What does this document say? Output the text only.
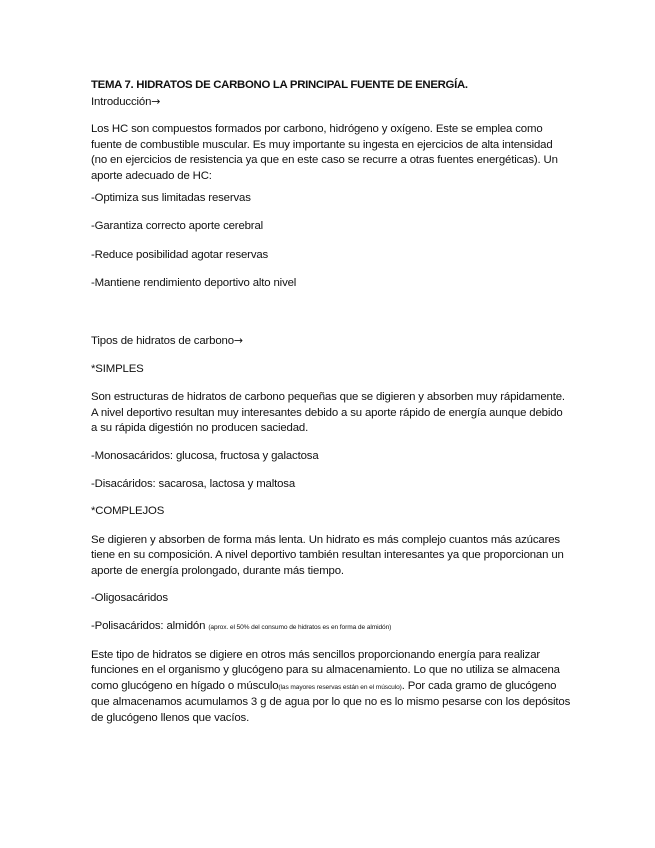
TEMA 7. HIDRATOS DE CARBONO LA PRINCIPAL FUENTE DE ENERGÍA.

Introducción→

Los HC son compuestos formados por carbono, hidrógeno y oxígeno. Este se emplea como fuente de combustible muscular. Es muy importante su ingesta en ejercicios de alta intensidad (no en ejercicios de resistencia ya que en este caso se recurre a otras fuentes energéticas). Un aporte adecuado de HC:

-Optimiza sus limitadas reservas

-Garantiza correcto aporte cerebral

-Reduce posibilidad agotar reservas

-Mantiene rendimiento deportivo alto nivel

Tipos de hidratos de carbono→

*SIMPLES

Son estructuras de hidratos de carbono pequeñas que se digieren y absorben muy rápidamente. A nivel deportivo resultan muy interesantes debido a su aporte rápido de energía aunque debido a su rápida digestión no producen saciedad.

-Monosacáridos: glucosa, fructosa y galactosa

-Disacáridos: sacarosa, lactosa y maltosa

*COMPLEJOS

Se digieren y absorben de forma más lenta. Un hidrato es más complejo cuantos más azúcares tiene en su composición. A nivel deportivo también resultan interesantes ya que proporcionan un aporte de energía prolongado, durante más tiempo.

-Oligosacáridos

-Polisacáridos: almidón (aprox. el 50% del consumo de hidratos es en forma de almidón)

Este tipo de hidratos se digiere en otros más sencillos proporcionando energía para realizar funciones en el organismo y glucógeno para su almacenamiento. Lo que no utiliza se almacena como glucógeno en hígado o músculo(las mayores reservas están en el músculo). Por cada gramo de glucógeno que almacenamos acumulamos 3 g de agua por lo que no es lo mismo pesarse con los depósitos de glucógeno llenos que vacíos.
